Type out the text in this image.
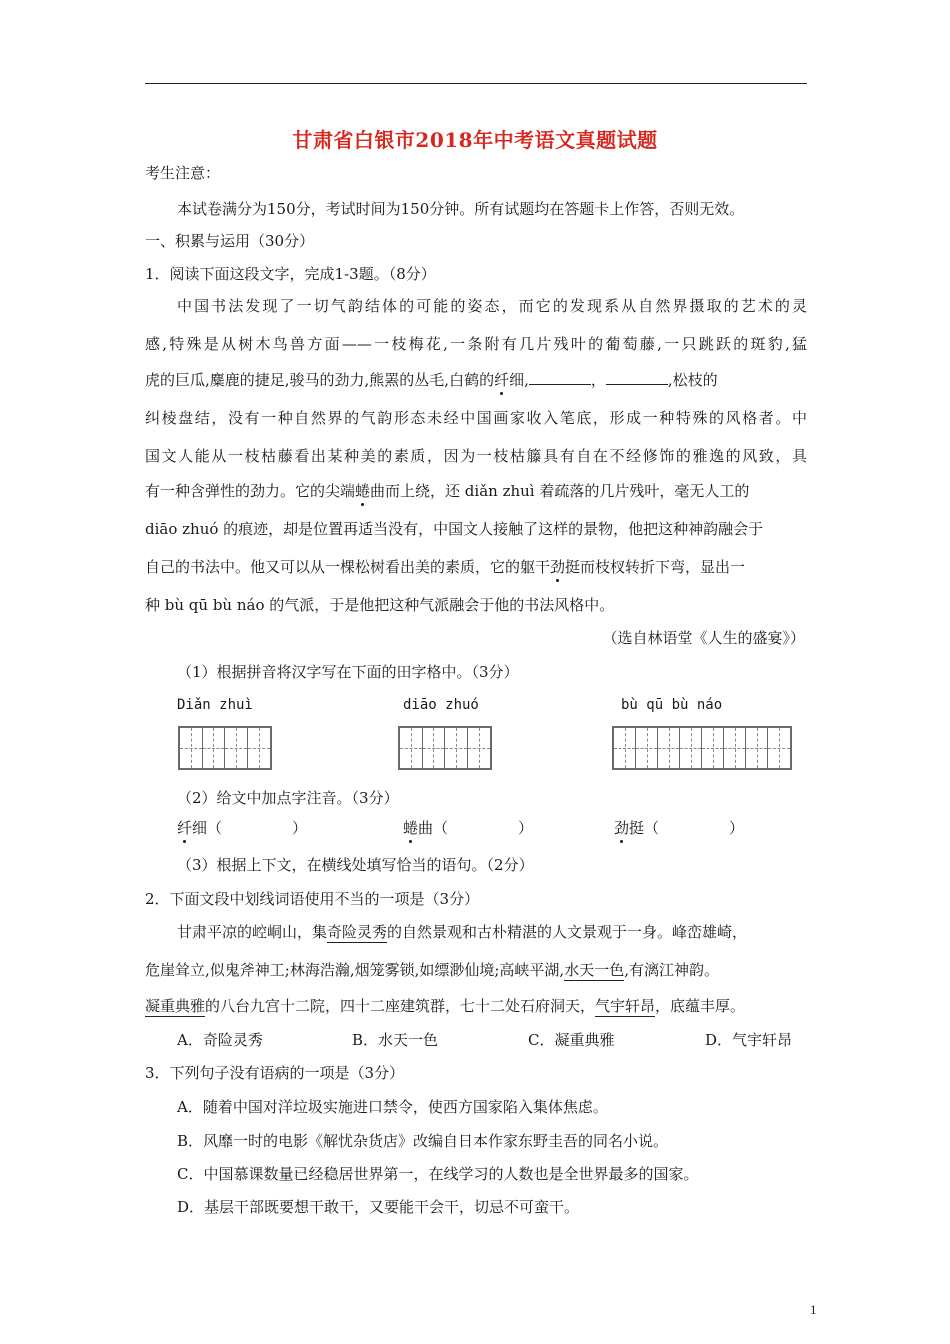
甘肃省白银市2018年中考语文真题试题
考生注意：
本试卷满分为150分，考试时间为150分钟。所有试题均在答题卡上作答，否则无效。
一、积累与运用（30分）
1．阅读下面这段文字，完成1-3题。（8分）
中国书法发现了一切气韵结体的可能的姿态，而它的发现系从自然界摄取的艺术的灵
感,特殊是从树木鸟兽方面——一枝梅花,一条附有几片残叶的葡萄藤,一只跳跃的斑豹,猛
虎的巨瓜,麋鹿的捷足,骏马的劲力,熊罴的丛毛,白鹤的纤细,	，	,松枝的
纠棱盘结，没有一种自然界的气韵形态未经中国画家收入笔底，形成一种特殊的风格者。中
国文人能从一枝枯藤看出某种美的素质，因为一枝枯籐具有自在不经修饰的雅逸的风致，具
有一种含弹性的劲力。它的尖端蜷曲而上绕，还 diǎn zhuì 着疏落的几片残叶，毫无人工的
diāo zhuó 的痕迹，却是位置再适当没有，中国文人接触了这样的景物，他把这种神韵融会于
自己的书法中。他又可以从一棵松树看出美的素质，它的躯干劲挺而枝杈转折下弯，显出一
种 bù qū bù náo 的气派，于是他把这种气派融会于他的书法风格中。
（选自林语堂《人生的盛宴》）
（1）根据拼音将汉字写在下面的田字格中。（3分）
Diǎn zhuì	diāo zhuó	bù qū bù náo
（2）给文中加点字注音。（3分）
纤细（	）	蜷曲（	）	劲挺（	）
（3）根据上下文，在横线处填写恰当的语句。（2分）
2．下面文段中划线词语使用不当的一项是（3分）
甘肃平凉的崆峒山，集奇险灵秀的自然景观和古朴精湛的人文景观于一身。峰峦雄崎，
危崖耸立,似鬼斧神工;林海浩瀚,烟笼雾锁,如缥渺仙境;高峡平湖,水天一色,有漓江神韵。
凝重典雅的八台九宫十二院，四十二座建筑群，七十二处石府洞天，气宇轩昂，底蕴丰厚。
A．奇险灵秀	B．水天一色	C．凝重典雅	D．气宇轩昂
3．下列句子没有语病的一项是（3分）
A．随着中国对洋垃圾实施进口禁令，使西方国家陷入集体焦虑。
B．风靡一时的电影《解忧杂货店》改编自日本作家东野圭吾的同名小说。
C．中国慕课数量已经稳居世界第一，在线学习的人数也是全世界最多的国家。
D．基层干部既要想干敢干，又要能干会干，切忌不可蛮干。
1
